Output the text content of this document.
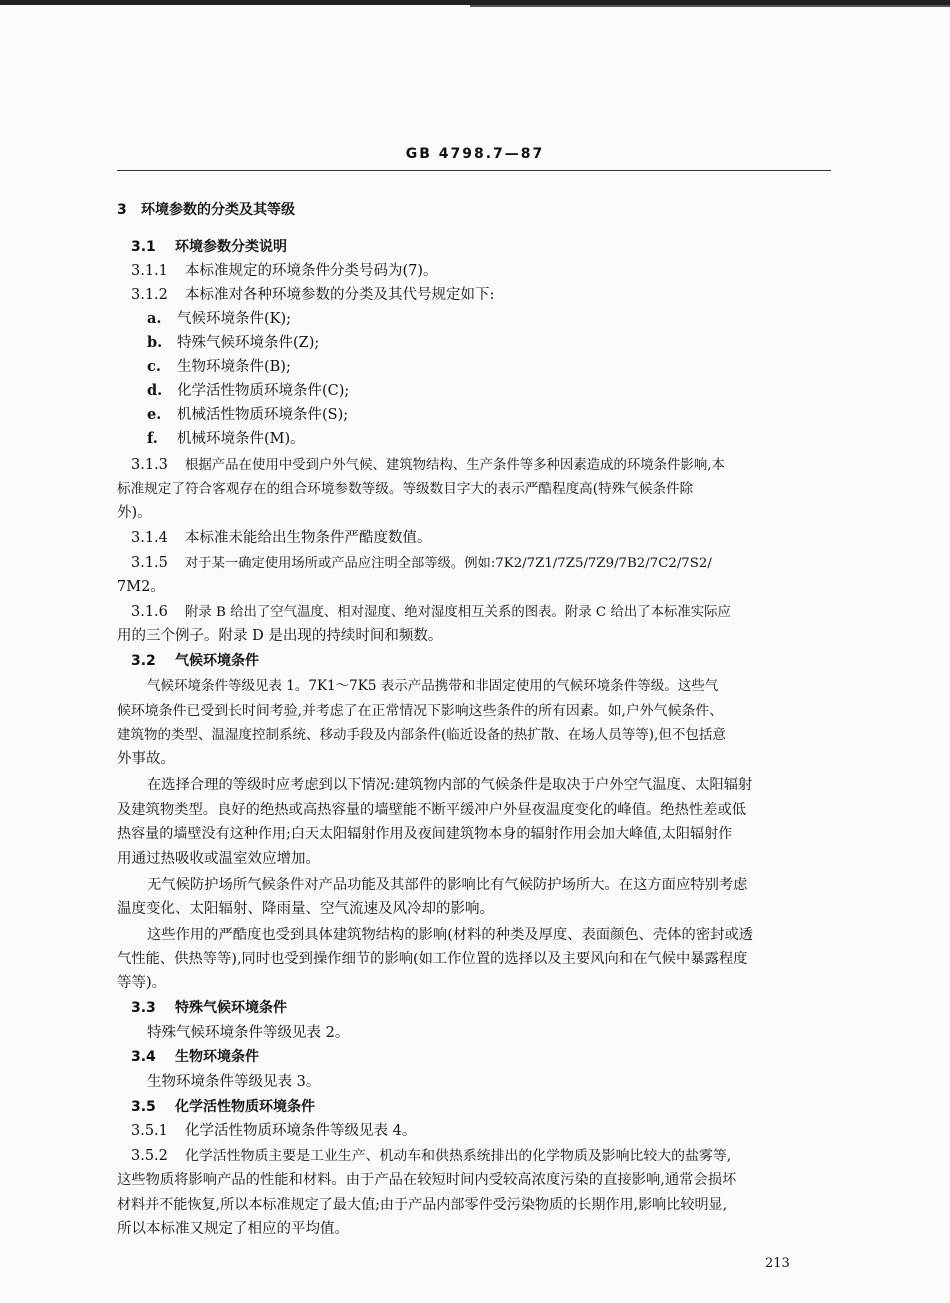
GB 4798.7—87
3 环境参数的分类及其等级
3.1 环境参数分类说明
3.1.1 本标准规定的环境条件分类号码为(7)。
3.1.2 本标准对各种环境参数的分类及其代号规定如下:
a. 气候环境条件(K);
b. 特殊气候环境条件(Z);
c. 生物环境条件(B);
d. 化学活性物质环境条件(C);
e. 机械活性物质环境条件(S);
f. 机械环境条件(M)。
3.1.3 根据产品在使用中受到户外气候、建筑物结构、生产条件等多种因素造成的环境条件影响,本
标准规定了符合客观存在的组合环境参数等级。等级数目字大的表示严酷程度高(特殊气候条件除
外)。
3.1.4 本标准未能给出生物条件严酷度数值。
3.1.5 对于某一确定使用场所或产品应注明全部等级。例如:7K2/7Z1/7Z5/7Z9/7B2/7C2/7S2/
7M2。
3.1.6 附录 B 给出了空气温度、相对湿度、绝对湿度相互关系的图表。附录 C 给出了本标准实际应
用的三个例子。附录 D 是出现的持续时间和频数。
3.2 气候环境条件
气候环境条件等级见表 1。7K1～7K5 表示产品携带和非固定使用的气候环境条件等级。这些气
候环境条件已受到长时间考验,并考虑了在正常情况下影响这些条件的所有因素。如,户外气候条件、
建筑物的类型、温湿度控制系统、移动手段及内部条件(临近设备的热扩散、在场人员等等),但不包括意
外事故。
在选择合理的等级时应考虑到以下情况:建筑物内部的气候条件是取决于户外空气温度、太阳辐射
及建筑物类型。良好的绝热或高热容量的墙壁能不断平缓冲户外昼夜温度变化的峰值。绝热性差或低
热容量的墙壁没有这种作用;白天太阳辐射作用及夜间建筑物本身的辐射作用会加大峰值,太阳辐射作
用通过热吸收或温室效应增加。
无气候防护场所气候条件对产品功能及其部件的影响比有气候防护场所大。在这方面应特别考虑
温度变化、太阳辐射、降雨量、空气流速及风冷却的影响。
这些作用的严酷度也受到具体建筑物结构的影响(材料的种类及厚度、表面颜色、壳体的密封或透
气性能、供热等等),同时也受到操作细节的影响(如工作位置的选择以及主要风向和在气候中暴露程度
等等)。
3.3 特殊气候环境条件
特殊气候环境条件等级见表 2。
3.4 生物环境条件
生物环境条件等级见表 3。
3.5 化学活性物质环境条件
3.5.1 化学活性物质环境条件等级见表 4。
3.5.2 化学活性物质主要是工业生产、机动车和供热系统排出的化学物质及影响比较大的盐雾等,
这些物质将影响产品的性能和材料。由于产品在较短时间内受较高浓度污染的直接影响,通常会损坏
材料并不能恢复,所以本标准规定了最大值;由于产品内部零件受污染物质的长期作用,影响比较明显,
所以本标准又规定了相应的平均值。
213
